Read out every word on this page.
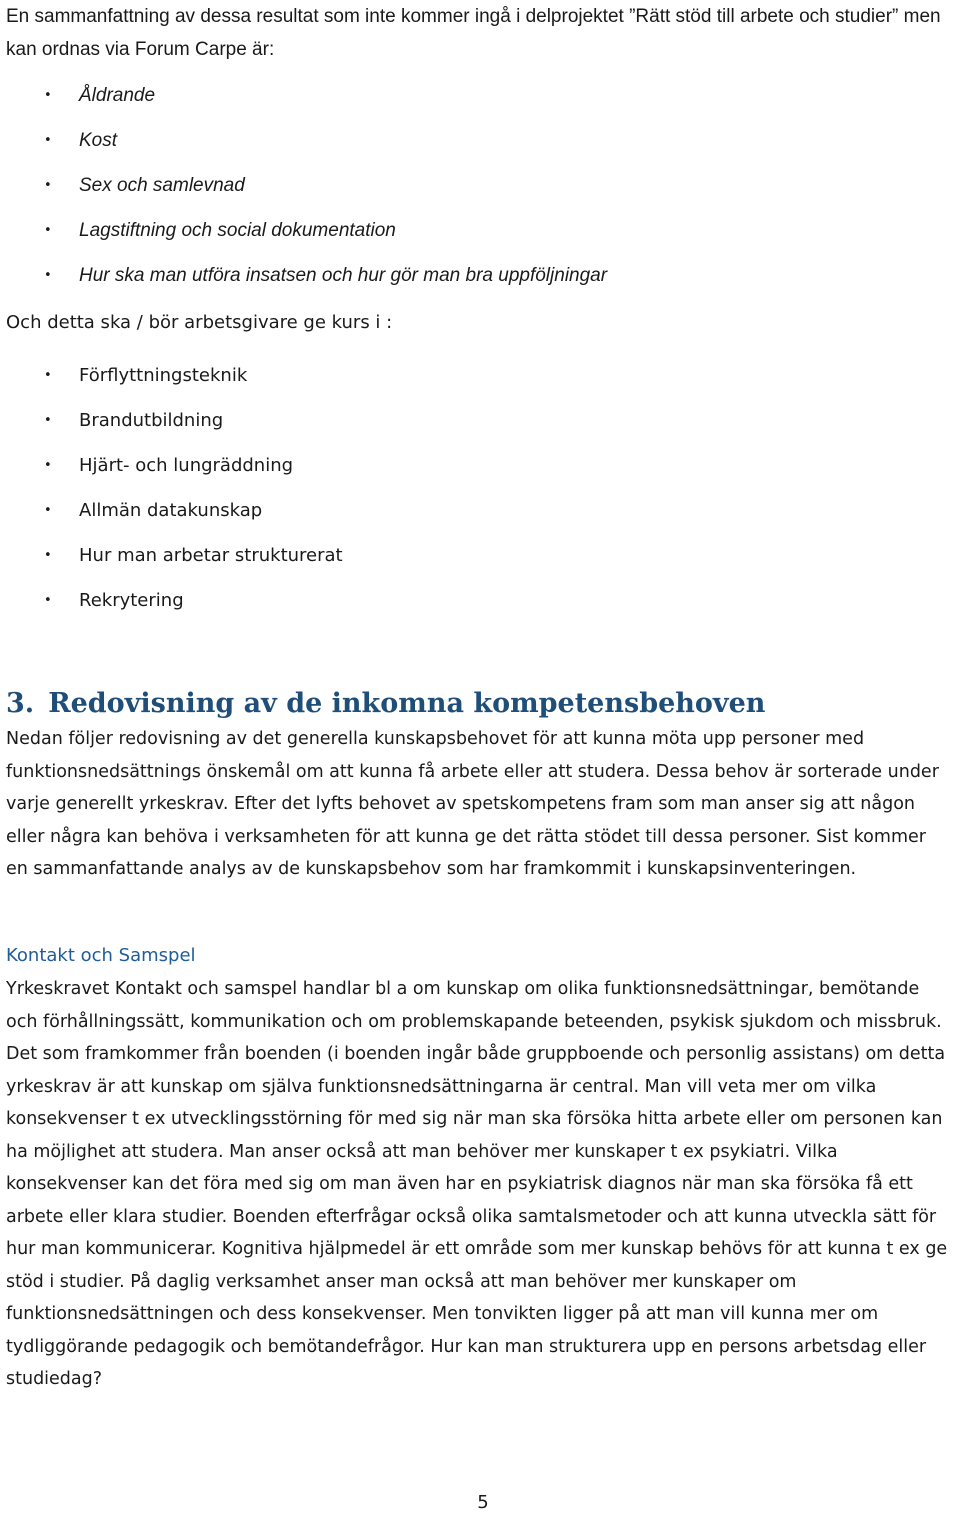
En sammanfattning av dessa resultat som inte kommer ingå i delprojektet ”Rätt stöd till arbete och studier” men kan ordnas via Forum Carpe är:

• Åldrande
• Kost
• Sex och samlevnad
• Lagstiftning och social dokumentation
• Hur ska man utföra insatsen och hur gör man bra uppföljningar

Och detta ska / bör arbetsgivare ge kurs i :

• Förflyttningsteknik
• Brandutbildning
• Hjärt- och lungräddning
• Allmän datakunskap
• Hur man arbetar strukturerat
• Rekrytering
3. Redovisning av de inkomna kompetensbehoven

Nedan följer redovisning av det generella kunskapsbehovet för att kunna möta upp personer med funktionsnedsättnings önskemål om att kunna få arbete eller att studera. Dessa behov är sorterade under varje generellt yrkeskrav. Efter det lyfts behovet av spetskompetens fram som man anser sig att någon eller några kan behöva i verksamheten för att kunna ge det rätta stödet till dessa personer. Sist kommer en sammanfattande analys av de kunskapsbehov som har framkommit i kunskapsinventeringen.

Kontakt och Samspel

Yrkeskravet Kontakt och samspel handlar bl a om kunskap om olika funktionsnedsättningar, bemötande och förhållningssätt, kommunikation och om problemskapande beteenden, psykisk sjukdom och missbruk. Det som framkommer från boenden (i boenden ingår både gruppboende och personlig assistans) om detta yrkeskrav är att kunskap om själva funktionsnedsättningarna är central. Man vill veta mer om vilka konsekvenser t ex utvecklingsstörning för med sig när man ska försöka hitta arbete eller om personen kan ha möjlighet att studera. Man anser också att man behöver mer kunskaper t ex psykiatri. Vilka konsekvenser kan det föra med sig om man även har en psykiatrisk diagnos när man ska försöka få ett arbete eller klara studier. Boenden efterfrågar också olika samtalsmetoder och att kunna utveckla sätt för hur man kommunicerar. Kognitiva hjälpmedel är ett område som mer kunskap behövs för att kunna t ex ge stöd i studier. På daglig verksamhet anser man också att man behöver mer kunskaper om funktionsnedsättningen och dess konsekvenser. Men tonvikten ligger på att man vill kunna mer om tydliggörande pedagogik och bemötandefrågor. Hur kan man strukturera upp en persons arbetsdag eller studiedag?

5
